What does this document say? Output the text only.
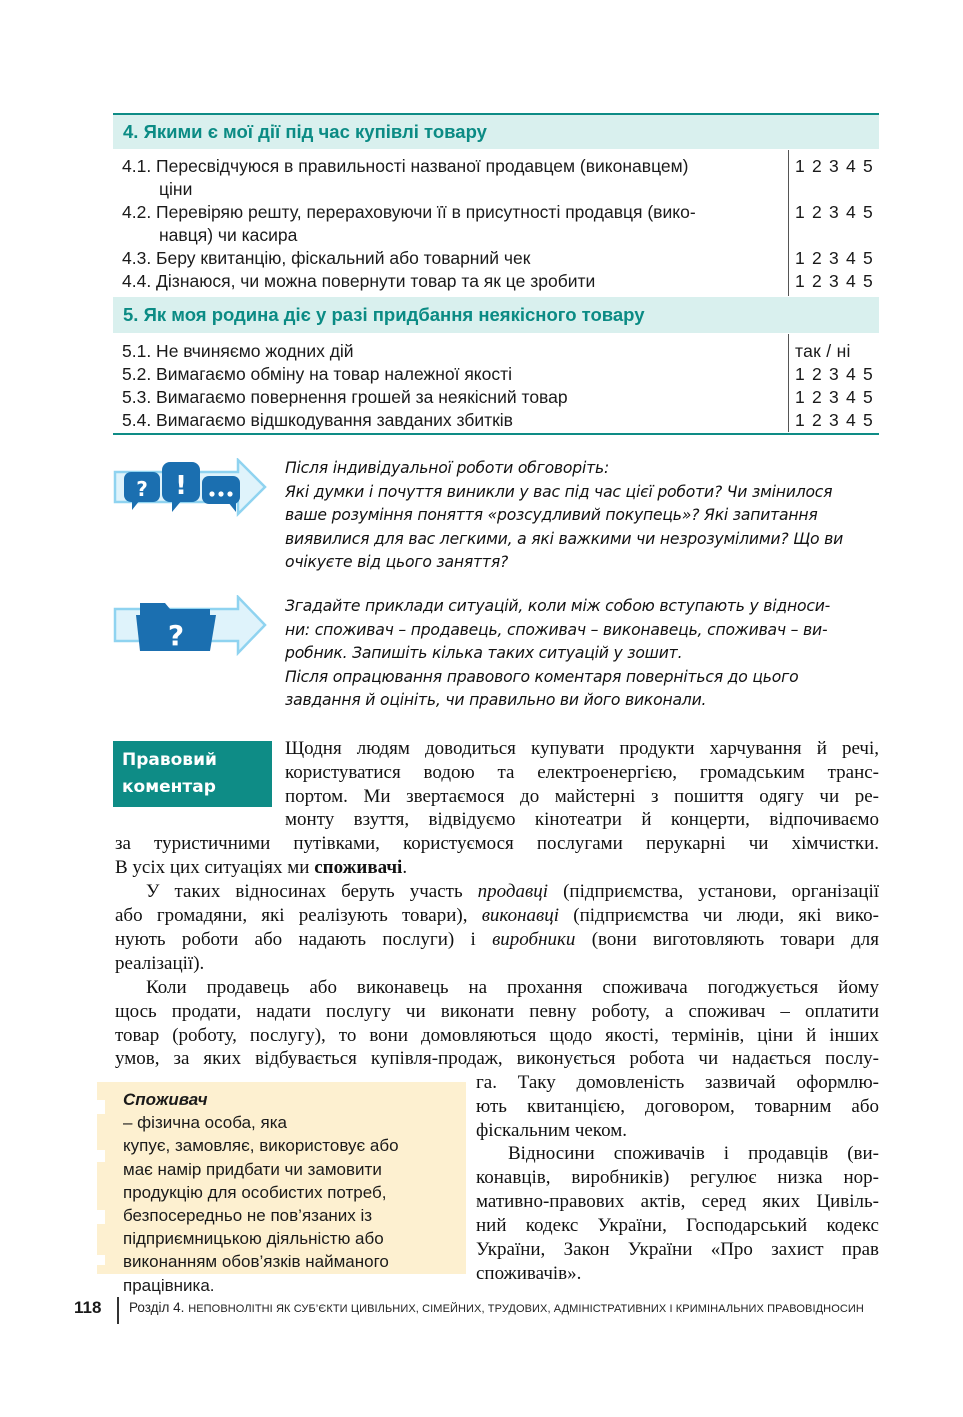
4. Якими є мої дії під час купівлі товару
4.1. Пересвідчуюся в правильності названої продавцем (виконавцем)
ціни
1 2 3 4 5
4.2. Перевіряю решту, перераховуючи її в присутності продавця (вико-
навця) чи касира
1 2 3 4 5
4.3. Беру квитанцію, фіскальний або товарний чек	1 2 3 4 5
4.4. Дізнаюся, чи можна повернути товар та як це зробити	1 2 3 4 5
5. Як моя родина діє у разі придбання неякісного товару
5.1. Не вчиняємо жодних дій	так / ні
5.2. Вимагаємо обміну на товар належної якості	1 2 3 4 5
5.3. Вимагаємо повернення грошей за неякісний товар	1 2 3 4 5
5.4. Вимагаємо відшкодування завданих збитків	1 2 3 4 5
? !
Після індивідуальної роботи обговоріть:
Які думки і почуття виникли у вас під час цієї роботи? Чи змінилося
ваше розуміння поняття «розсудливий покупець»? Які запитання
виявилися для вас легкими, а які важкими чи незрозумілими? Що ви
очікуєте від цього заняття?
?
Згадайте приклади ситуацій, коли між собою вступають у відноси-
ни: споживач – продавець, споживач – виконавець, споживач – ви-
робник. Запишіть кілька таких ситуацій у зошит.
Після опрацювання правового коментаря поверніться до цього
завдання й оцініть, чи правильно ви його виконали.
Правовий
коментар
Щодня людям доводиться купувати продукти харчування й речі,
користуватися водою та електроенергією, громадським транс-
портом. Ми звертаємося до майстерні з пошиття одягу чи ре-
монту взуття, відвідуємо кінотеатри й концерти, відпочиваємо
за туристичними путівками, користуємося послугами перукарні чи хімчистки.
В усіх цих ситуаціях ми споживачі.
У таких відносинах беруть участь продавці (підприємства, установи, організації
або громадяни, які реалізують товари), виконавці (підприємства чи люди, які вико-
нують роботи або надають послуги) і виробники (вони виготовляють товари для
реалізації).
Коли продавець або виконавець на прохання споживача погоджується йому
щось продати, надати послугу чи виконати певну роботу, а споживач – оплатити
товар (роботу, послугу), то вони домовляються щодо якості, термінів, ціни й інших
умов, за яких відбувається купівля-продаж, виконується робота чи надається послу-
га. Таку домовленість зазвичай оформлю-
ють квитанцією, договором, товарним або
фіскальним чеком.
Відносини споживачів і продавців (ви-
конавців, виробників) регулює низка нор-
мативно-правових актів, серед яких Цивіль-
ний кодекс України, Господарський кодекс
України, Закон України «Про захист прав
споживачів».
Споживач
– фізична особа, яка
купує, замовляє, використовує або
має намір придбати чи замовити
продукцію для особистих потреб,
безпосередньо не пов’язаних із
підприємницькою діяльністю або
виконанням обов’язків найманого
працівника.
118 Розділ 4. НЕПОВНОЛІТНІ ЯК СУБ’ЄКТИ ЦИВІЛЬНИХ, СІМЕЙНИХ, ТРУДОВИХ, АДМІНІСТРАТИВНИХ І КРИМІНАЛЬНИХ ПРАВОВІДНОСИН
